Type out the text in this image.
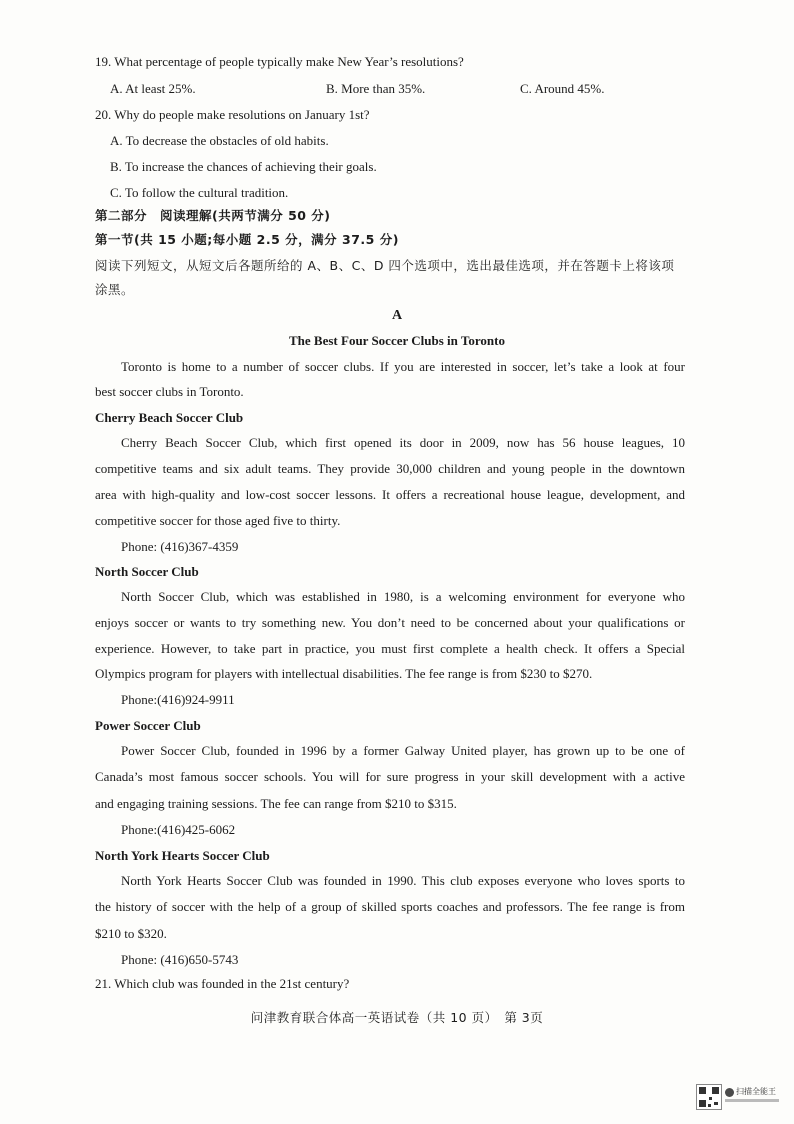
19. What percentage of people typically make New Year’s resolutions?
A. At least 25%.	B. More than 35%.	C. Around 45%.
20. Why do people make resolutions on January 1st?
A. To decrease the obstacles of old habits.
B. To increase the chances of achieving their goals.
C. To follow the cultural tradition.
第二部分　阅读理解(共两节满分 50 分)
第一节(共 15 小题;每小题 2.5 分，满分 37.5 分)
阅读下列短文，从短文后各题所给的 A、B、C、D 四个选项中，选出最佳选项，并在答题卡上将该项
涂黑。
A
The Best Four Soccer Clubs in Toronto
Toronto is home to a number of soccer clubs. If you are interested in soccer, let’s take a look at four
best soccer clubs in Toronto.
Cherry Beach Soccer Club
Cherry Beach Soccer Club, which first opened its door in 2009, now has 56 house leagues, 10
competitive teams and six adult teams. They provide 30,000 children and young people in the downtown
area with high-quality and low-cost soccer lessons. It offers a recreational house league, development, and
competitive soccer for those aged five to thirty.
Phone: (416)367-4359
North Soccer Club
North Soccer Club, which was established in 1980, is a welcoming environment for everyone who
enjoys soccer or wants to try something new. You don’t need to be concerned about your qualifications or
experience. However, to take part in practice, you must first complete a health check. It offers a Special
Olympics program for players with intellectual disabilities. The fee range is from $230 to $270.
Phone:(416)924-9911
Power Soccer Club
Power Soccer Club, founded in 1996 by a former Galway United player, has grown up to be one of
Canada’s most famous soccer schools. You will for sure progress in your skill development with a active
and engaging training sessions. The fee can range from $210 to $315.
Phone:(416)425-6062
North York Hearts Soccer Club
North York Hearts Soccer Club was founded in 1990. This club exposes everyone who loves sports to
the history of soccer with the help of a group of skilled sports coaches and professors. The fee range is from
$210 to $320.
Phone: (416)650-5743
21. Which club was founded in the 21st century?
问津教育联合体高一英语试卷（共 10 页）　第 3页
扫描全能王
